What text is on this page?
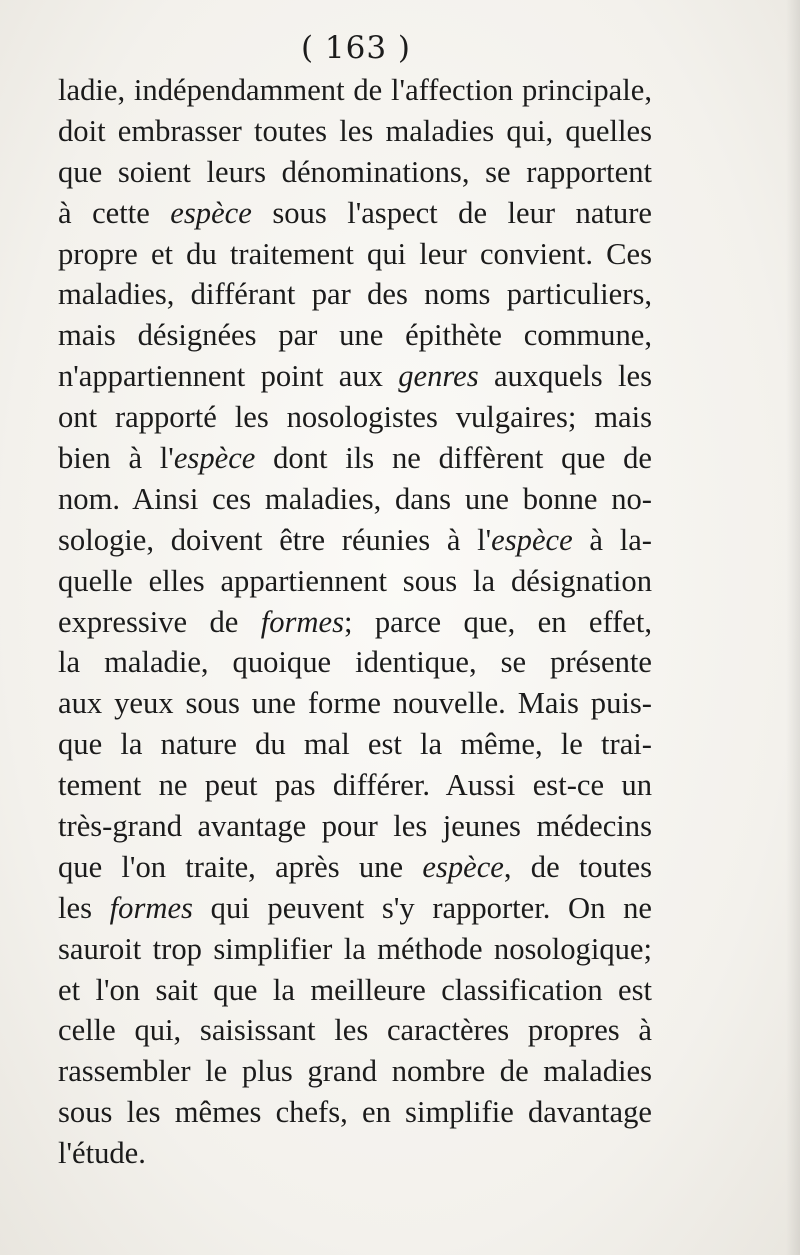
( 163 )
ladie, indépendamment de l'affection principale,
doit embrasser toutes les maladies qui, quelles
que soient leurs dénominations, se rapportent
à cette espèce sous l'aspect de leur nature
propre et du traitement qui leur convient. Ces
maladies, différant par des noms particuliers,
mais désignées par une épithète commune,
n'appartiennent point aux genres auxquels les
ont rapporté les nosologistes vulgaires; mais
bien à l'espèce dont ils ne diffèrent que de
nom. Ainsi ces maladies, dans une bonne no-
sologie, doivent être réunies à l'espèce à la-
quelle elles appartiennent sous la désignation
expressive de formes; parce que, en effet,
la maladie, quoique identique, se présente
aux yeux sous une forme nouvelle. Mais puis-
que la nature du mal est la même, le trai-
tement ne peut pas différer. Aussi est-ce un
très-grand avantage pour les jeunes médecins
que l'on traite, après une espèce, de toutes
les formes qui peuvent s'y rapporter. On ne
sauroit trop simplifier la méthode nosologique;
et l'on sait que la meilleure classification est
celle qui, saisissant les caractères propres à
rassembler le plus grand nombre de maladies
sous les mêmes chefs, en simplifie davantage
l'étude.
